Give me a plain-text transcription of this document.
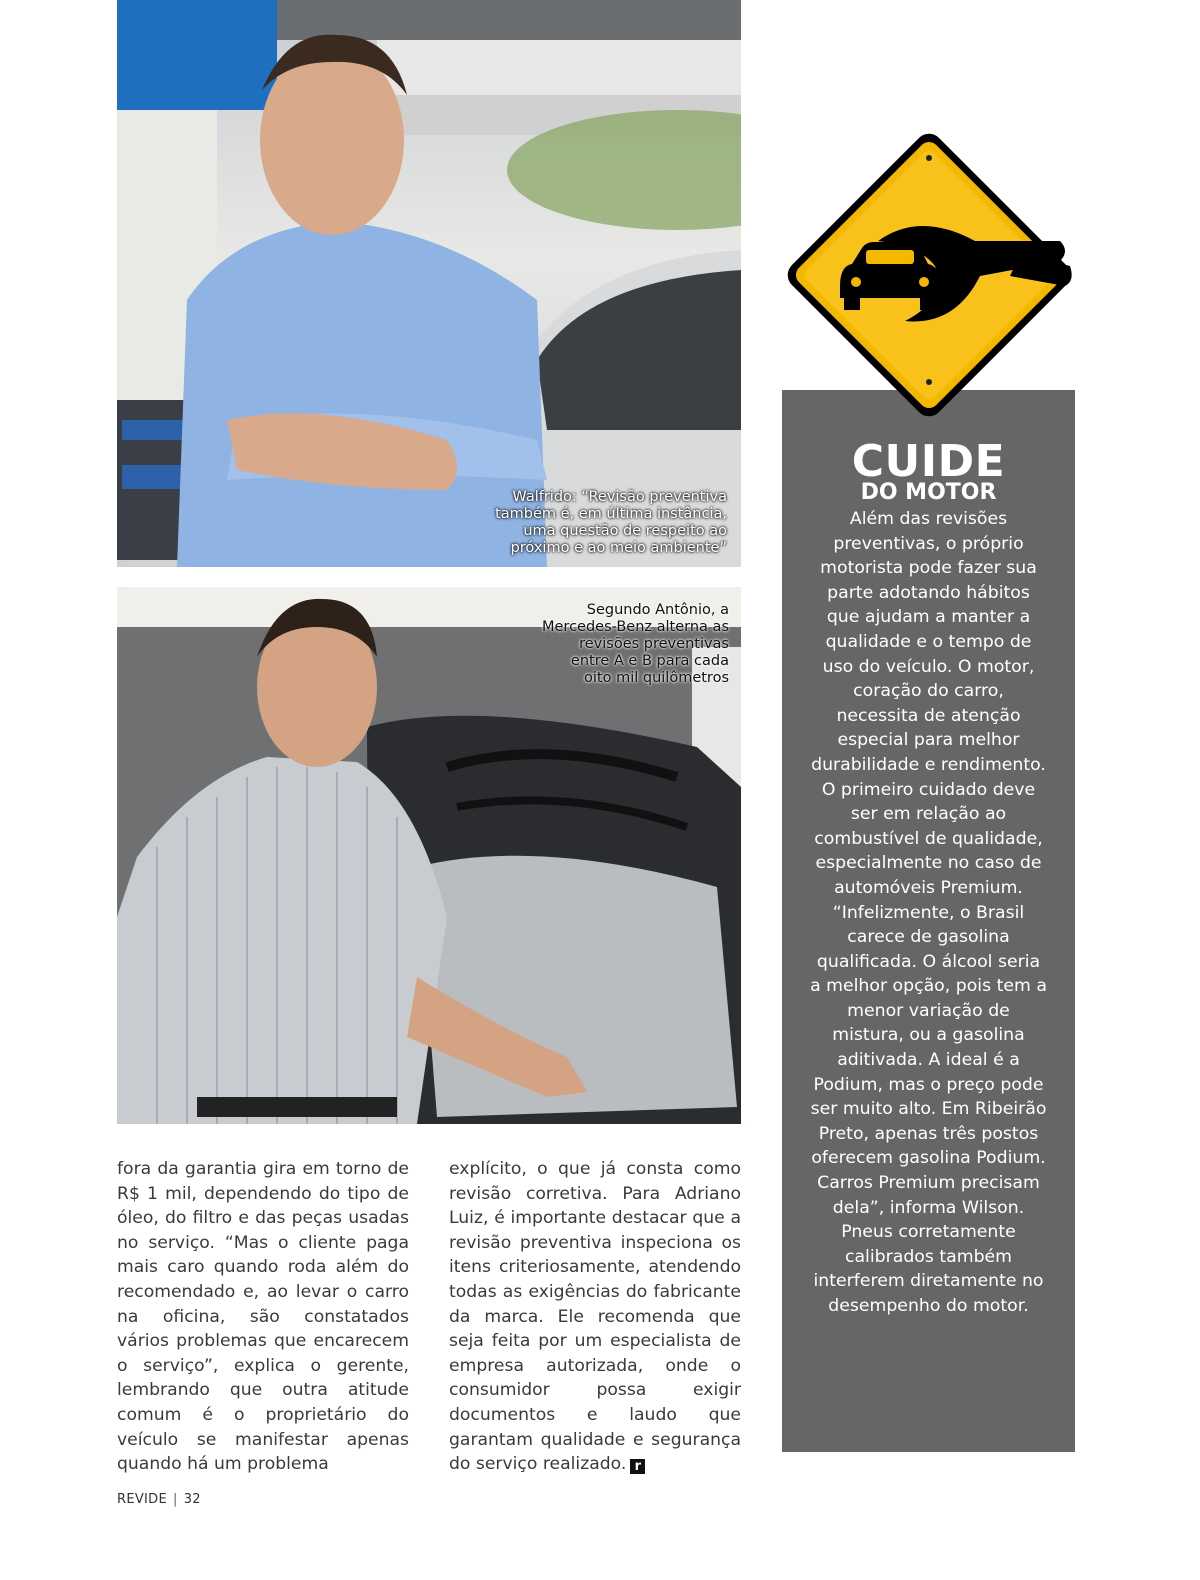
Walfrido: “Revisão preventiva também é, em última instância, uma questão de respeito ao próximo e ao meio ambiente”
Segundo Antônio, a Mercedes-Benz alterna as revisões preventivas entre A e B para cada oito mil quilômetros
fora da garantia gira em torno de R$ 1 mil, dependendo do tipo de óleo, do filtro e das peças usadas no serviço. “Mas o cliente paga mais caro quando roda além do recomendado e, ao levar o carro na oficina, são constatados vários problemas que encarecem o serviço”, explica o gerente, lembrando que outra atitude comum é o proprietário do veículo se manifestar apenas quando há um problema
explícito, o que já consta como revisão corretiva. Para Adriano Luiz, é importante destacar que a revisão preventiva inspeciona os itens criteriosamente, atendendo todas as exigências do fabricante da marca. Ele recomenda que seja feita por um especialista de empresa autorizada, onde o consumidor possa exigir documentos e laudo que garantam qualidade e segurança do serviço realizado. r
CUIDE
DO MOTOR
Além das revisões preventivas, o próprio motorista pode fazer sua parte adotando hábitos que ajudam a manter a qualidade e o tempo de uso do veículo. O motor, coração do carro, necessita de atenção especial para melhor durabilidade e rendimento. O primeiro cuidado deve ser em relação ao combustível de qualidade, especialmente no caso de automóveis Premium. “Infelizmente, o Brasil carece de gasolina qualificada. O álcool seria a melhor opção, pois tem a menor variação de mistura, ou a gasolina aditivada. A ideal é a Podium, mas o preço pode ser muito alto. Em Ribeirão Preto, apenas três postos oferecem gasolina Podium. Carros Premium precisam dela”, informa Wilson. Pneus corretamente calibrados também interferem diretamente no desempenho do motor.
REVIDE | 32
